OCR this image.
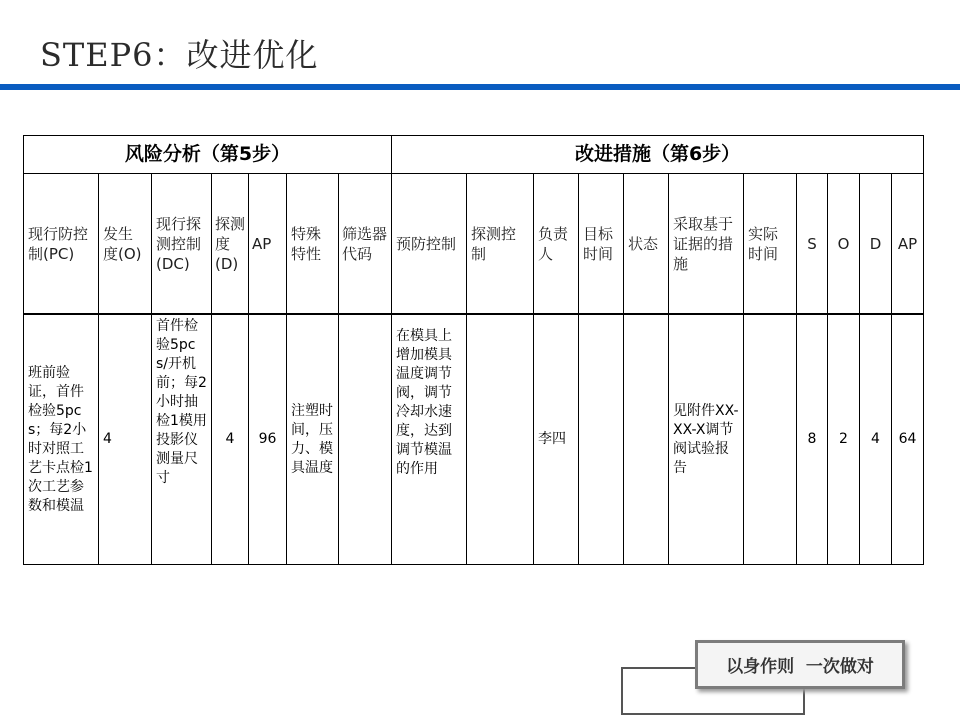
STEP6：改进优化
风险分析（第5步）							改进措施（第6步）										
现行防控制(PC)	发生度(O)	现行探测控制(DC)	探测度(D)	AP	特殊特性	筛选器代码	预防控制	探测控制	负责人	目标时间	状态	采取基于证据的措施	实际时间	S	O	D	AP
班前验证，首件检验5pcs；每2小时对照工艺卡点检1次工艺参数和模温	4	首件检验5pcs/开机前；每2小时抽检1模用投影仪测量尺寸	4	96	注塑时间，压力、模具温度		在模具上增加模具温度调节阀，调节冷却水速度，达到调节模温的作用		李四			见附件XX-XX-X调节阀试验报告		8	2	4	64
以身作则  一次做对
